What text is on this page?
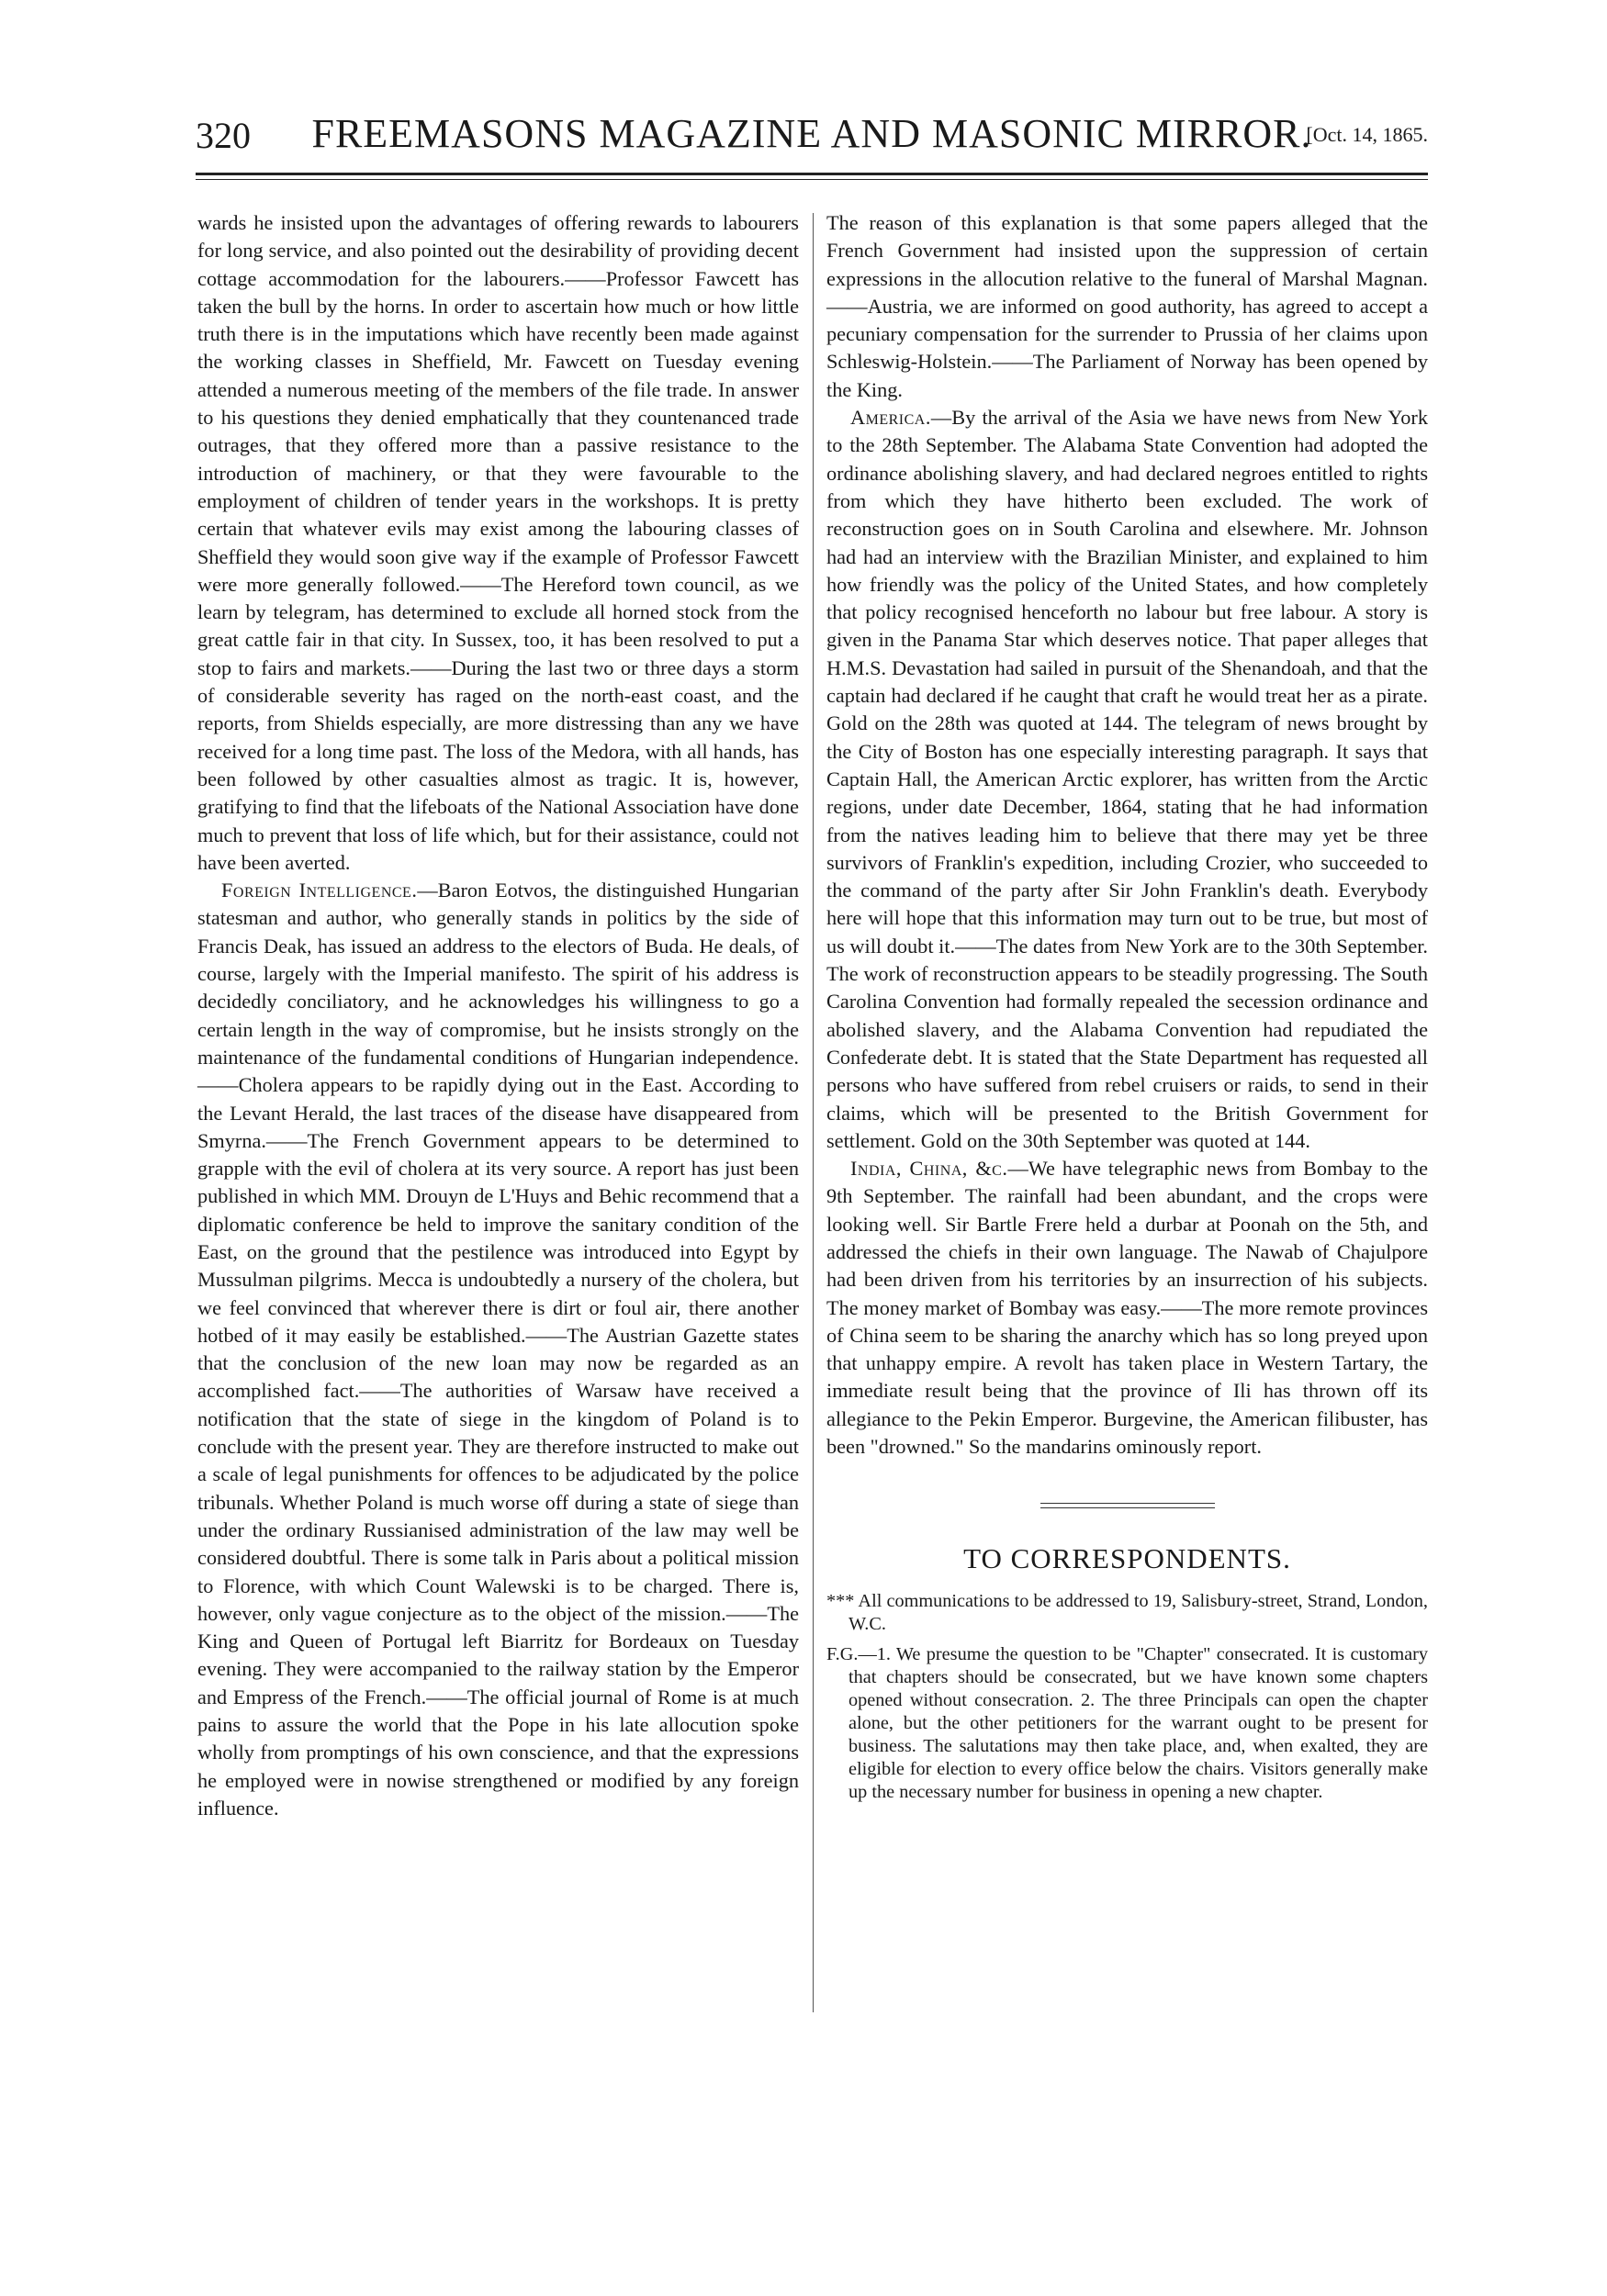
FREEMASONS MAGAZINE AND MASONIC MIRROR.
320	[Oct. 14, 1865.

wards he insisted upon the advantages of offering rewards to labourers for long service, and also pointed out the desirability of providing decent cottage accommodation for the labourers.——Professor Fawcett has taken the bull by the horns. In order to ascertain how much or how little truth there is in the imputations which have recently been made against the working classes in Sheffield, Mr. Fawcett on Tuesday evening attended a numerous meeting of the members of the file trade. In answer to his questions they denied emphatically that they countenanced trade outrages, that they offered more than a passive resistance to the introduction of machinery, or that they were favourable to the employment of children of tender years in the workshops. It is pretty certain that whatever evils may exist among the labouring classes of Sheffield they would soon give way if the example of Professor Fawcett were more generally followed.——The Hereford town council, as we learn by telegram, has determined to exclude all horned stock from the great cattle fair in that city. In Sussex, too, it has been resolved to put a stop to fairs and markets.——During the last two or three days a storm of considerable severity has raged on the north-east coast, and the reports, from Shields especially, are more distressing than any we have received for a long time past. The loss of the Medora, with all hands, has been followed by other casualties almost as tragic. It is, however, gratifying to find that the lifeboats of the National Association have done much to prevent that loss of life which, but for their assistance, could not have been averted.

Foreign Intelligence.—Baron Eotvos, the distinguished Hungarian statesman and author, who generally stands in politics by the side of Francis Deak, has issued an address to the electors of Buda. He deals, of course, largely with the Imperial manifesto. The spirit of his address is decidedly conciliatory, and he acknowledges his willingness to go a certain length in the way of compromise, but he insists strongly on the maintenance of the fundamental conditions of Hungarian independence.——Cholera appears to be rapidly dying out in the East. According to the Levant Herald, the last traces of the disease have disappeared from Smyrna.——The French Government appears to be determined to grapple with the evil of cholera at its very source. A report has just been published in which MM. Drouyn de L'Huys and Behic recommend that a diplomatic conference be held to improve the sanitary condition of the East, on the ground that the pestilence was introduced into Egypt by Mussulman pilgrims. Mecca is undoubtedly a nursery of the cholera, but we feel convinced that wherever there is dirt or foul air, there another hotbed of it may easily be established.——The Austrian Gazette states that the conclusion of the new loan may now be regarded as an accomplished fact.——The authorities of Warsaw have received a notification that the state of siege in the kingdom of Poland is to conclude with the present year. They are therefore instructed to make out a scale of legal punishments for offences to be adjudicated by the police tribunals. Whether Poland is much worse off during a state of siege than under the ordinary Russianised administration of the law may well be considered doubtful. There is some talk in Paris about a political mission to Florence, with which Count Walewski is to be charged. There is, however, only vague conjecture as to the object of the mission.——The King and Queen of Portugal left Biarritz for Bordeaux on Tuesday evening. They were accompanied to the railway station by the Emperor and Empress of the French.——The official journal of Rome is at much pains to assure the world that the Pope in his late allocution spoke wholly from promptings of his own conscience, and that the expressions he employed were in nowise strengthened or modified by any foreign influence.

The reason of this explanation is that some papers alleged that the French Government had insisted upon the suppression of certain expressions in the allocution relative to the funeral of Marshal Magnan.——Austria, we are informed on good authority, has agreed to accept a pecuniary compensation for the surrender to Prussia of her claims upon Schleswig-Holstein.——The Parliament of Norway has been opened by the King.

America.—By the arrival of the Asia we have news from New York to the 28th September. The Alabama State Convention had adopted the ordinance abolishing slavery, and had declared negroes entitled to rights from which they have hitherto been excluded. The work of reconstruction goes on in South Carolina and elsewhere. Mr. Johnson had had an interview with the Brazilian Minister, and explained to him how friendly was the policy of the United States, and how completely that policy recognised henceforth no labour but free labour. A story is given in the Panama Star which deserves notice. That paper alleges that H.M.S. Devastation had sailed in pursuit of the Shenandoah, and that the captain had declared if he caught that craft he would treat her as a pirate. Gold on the 28th was quoted at 144. The telegram of news brought by the City of Boston has one especially interesting paragraph. It says that Captain Hall, the American Arctic explorer, has written from the Arctic regions, under date December, 1864, stating that he had information from the natives leading him to believe that there may yet be three survivors of Franklin's expedition, including Crozier, who succeeded to the command of the party after Sir John Franklin's death. Everybody here will hope that this information may turn out to be true, but most of us will doubt it.——The dates from New York are to the 30th September. The work of reconstruction appears to be steadily progressing. The South Carolina Convention had formally repealed the secession ordinance and abolished slavery, and the Alabama Convention had repudiated the Confederate debt. It is stated that the State Department has requested all persons who have suffered from rebel cruisers or raids, to send in their claims, which will be presented to the British Government for settlement. Gold on the 30th September was quoted at 144.

India, China, &c.—We have telegraphic news from Bombay to the 9th September. The rainfall had been abundant, and the crops were looking well. Sir Bartle Frere held a durbar at Poonah on the 5th, and addressed the chiefs in their own language. The Nawab of Chajulpore had been driven from his territories by an insurrection of his subjects. The money market of Bombay was easy.——The more remote provinces of China seem to be sharing the anarchy which has so long preyed upon that unhappy empire. A revolt has taken place in Western Tartary, the immediate result being that the province of Ili has thrown off its allegiance to the Pekin Emperor. Burgevine, the American filibuster, has been "drowned." So the mandarins ominously report.

TO CORRESPONDENTS.

*** All communications to be addressed to 19, Salisbury-street, Strand, London, W.C.

F.G.—1. We presume the question to be "Chapter" consecrated. It is customary that chapters should be consecrated, but we have known some chapters opened without consecration. 2. The three Principals can open the chapter alone, but the other petitioners for the warrant ought to be present for business. The salutations may then take place, and, when exalted, they are eligible for election to every office below the chairs. Visitors generally make up the necessary number for business in opening a new chapter.
